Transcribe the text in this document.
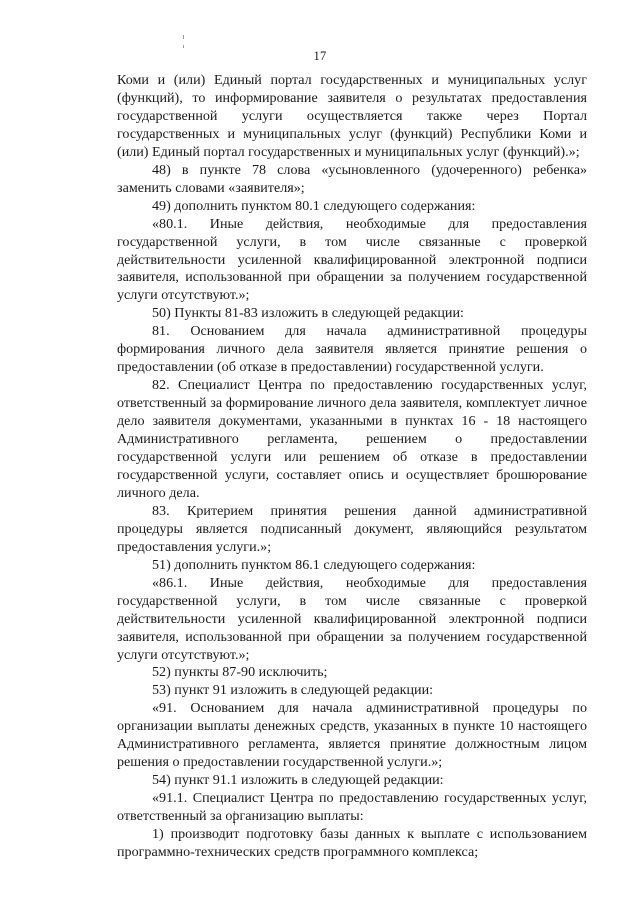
17

Коми и (или) Единый портал государственных и муниципальных услуг (функций), то информирование заявителя о результатах предоставления государственной услуги осуществляется также через Портал государственных и муниципальных услуг (функций) Республики Коми и (или) Единый портал государственных и муниципальных услуг (функций).»;

48) в пункте 78 слова «усыновленного (удочеренного) ребенка» заменить словами «заявителя»;

49) дополнить пунктом 80.1 следующего содержания:

«80.1. Иные действия, необходимые для предоставления государственной услуги, в том числе связанные с проверкой действительности усиленной квалифицированной электронной подписи заявителя, использованной при обращении за получением государственной услуги отсутствуют.»;

50) Пункты 81-83 изложить в следующей редакции:

81. Основанием для начала административной процедуры формирования личного дела заявителя является принятие решения о предоставлении (об отказе в предоставлении) государственной услуги.

82. Специалист Центра по предоставлению государственных услуг, ответственный за формирование личного дела заявителя, комплектует личное дело заявителя документами, указанными в пунктах 16 - 18 настоящего Административного регламента, решением о предоставлении государственной услуги или решением об отказе в предоставлении государственной услуги, составляет опись и осуществляет брошюрование личного дела.

83. Критерием принятия решения данной административной процедуры является подписанный документ, являющийся результатом предоставления услуги.»;

51) дополнить пунктом 86.1 следующего содержания:

«86.1. Иные действия, необходимые для предоставления государственной услуги, в том числе связанные с проверкой действительности усиленной квалифицированной электронной подписи заявителя, использованной при обращении за получением государственной услуги отсутствуют.»;

52) пункты 87-90 исключить;

53) пункт 91 изложить в следующей редакции:

«91. Основанием для начала административной процедуры по организации выплаты денежных средств, указанных в пункте 10 настоящего Административного регламента, является принятие должностным лицом решения о предоставлении государственной услуги.»;

54) пункт 91.1 изложить в следующей редакции:

«91.1. Специалист Центра по предоставлению государственных услуг, ответственный за организацию выплаты:

1) производит подготовку базы данных к выплате с использованием программно-технических средств программного комплекса;
